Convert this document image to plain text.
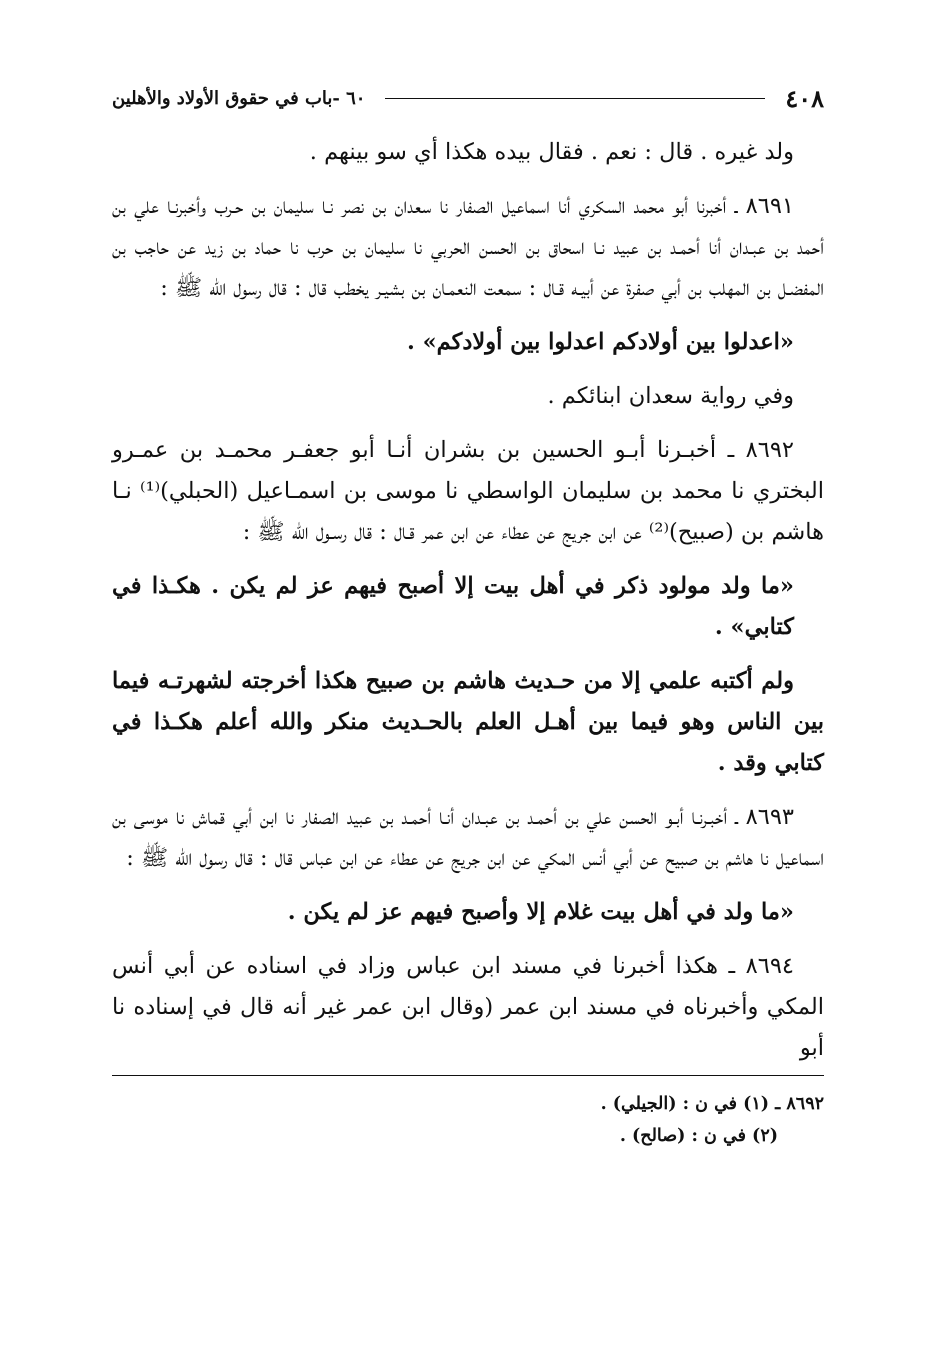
٤٠٨
٦٠ -باب في حقوق الأولاد والأهلين

ولد غيره . قال : نعم . فقال بيده هكذا أي سو بينهم .

٨٦٩١ ـ أخبرنا أبو محمد السكري أنا اسماعيل الصفار نا سعدان بن نصر نـا سليمان بن حـرب وأخبرنـا علي بن أحمد بن عبـدان أنا أحمـد بن عبيد نـا اسحاق بن الحسن الحربي نا سليمان بن حرب نا حماد بن زيد عن حاجب بن المفضـل بن المهلب بن أبي صفرة عن أبيـه قـال : سمعت النعمـان بن بشيـر يخطب قال : قال رسول الله ﷺ :

«اعدلوا بين أولادكم اعدلوا بين أولادكم» .

وفي رواية سعدان ابنائكم .

٨٦٩٢ ـ أخبـرنا أبـو الحسين بن بشران أنـا أبو جعفـر محمـد بن عمـرو البختري نا محمد بن سليمان الواسطي نا موسى بن اسمـاعيل (الحبلي)⁽¹⁾ نـا هاشم بن (صبيح)⁽²⁾ عن ابن جريج عن عطاء عن ابن عمر قـال : قال رسـول الله ﷺ :

«ما ولد مولود ذكر في أهل بيت إلا أصبح فيهم عز لم يكن . هكـذا في كتابي» .

ولم أكتبه علمي إلا من حـديث هاشم بن صبيح هكذا أخرجته لشهرتـه فيما بين الناس وهو فيما بين أهـل العلم بالحـديث منكر والله أعلم هكـذا في كتابي وقد .

٨٦٩٣ ـ أخبـرنـا أبـو الحسن علي بن أحمـد بن عبـدان أنـا أحمـد بن عبيد الصفار نا ابن أبي قماش نا موسى بن اسماعيل نا هاشم بن صبيح عن أبي أنس المكي عن ابن جريج عن عطاء عن ابن عباس قال : قال رسول الله ﷺ :

«ما ولد في أهل بيت غلام إلا وأصبح فيهم عز لم يكن .

٨٦٩٤ ـ هكذا أخبرنا في مسند ابن عباس وزاد في اسناده عن أبي أنس المكي وأخبرناه في مسند ابن عمر (وقال ابن عمر غير أنه قال في إسناده نا أبو

٨٦٩٢ ـ (١) في ن : (الجيلي) .
(٢) في ن : (صالح) .
